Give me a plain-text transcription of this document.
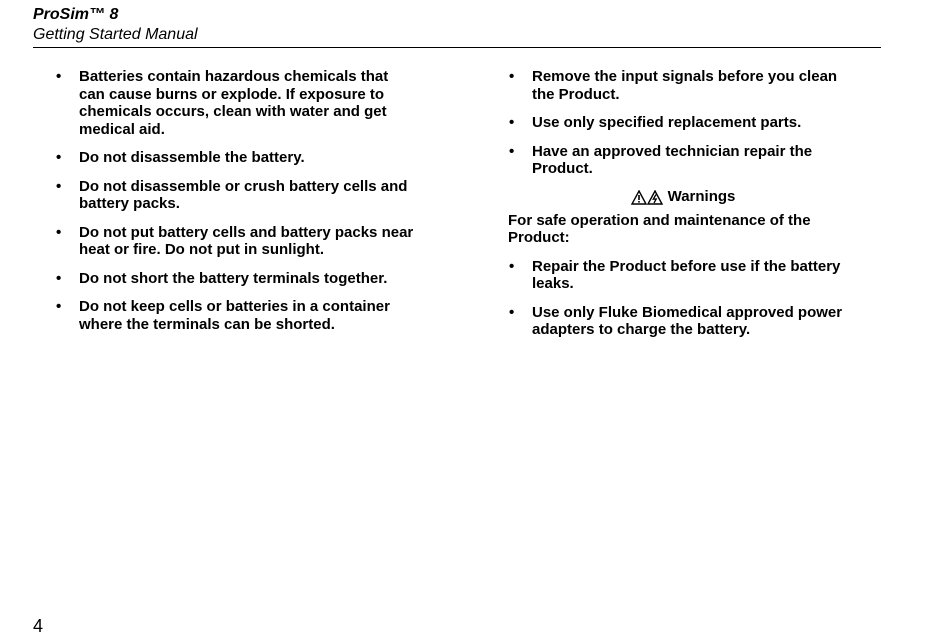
ProSim™ 8
Getting Started Manual
• Batteries contain hazardous chemicals that can cause burns or explode. If exposure to chemicals occurs, clean with water and get medical aid.
• Do not disassemble the battery.
• Do not disassemble or crush battery cells and battery packs.
• Do not put battery cells and battery packs near heat or fire. Do not put in sunlight.
• Do not short the battery terminals together.
• Do not keep cells or batteries in a container where the terminals can be shorted.
• Remove the input signals before you clean the Product.
• Use only specified replacement parts.
• Have an approved technician repair the Product.
Warnings
For safe operation and maintenance of the Product:
• Repair the Product before use if the battery leaks.
• Use only Fluke Biomedical approved power adapters to charge the battery.
4
